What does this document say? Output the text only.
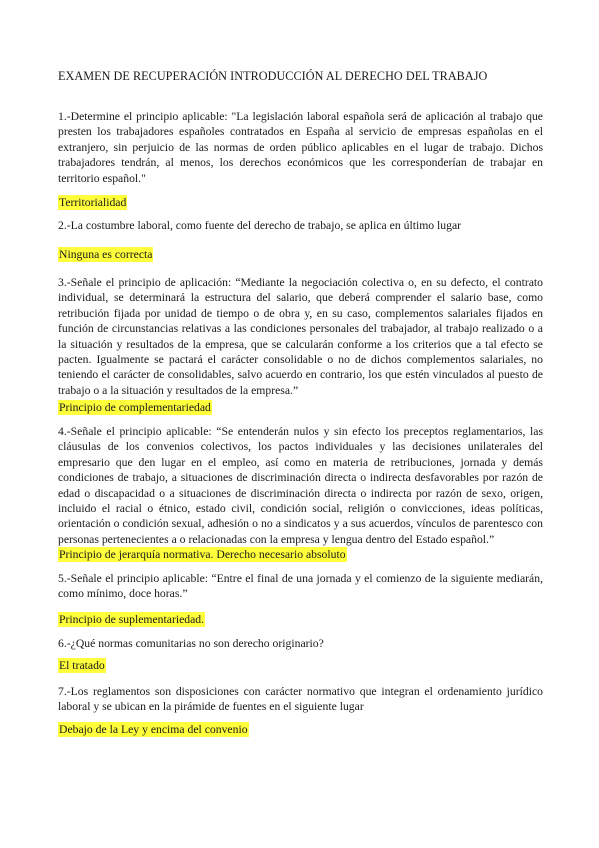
EXAMEN DE RECUPERACIÓN INTRODUCCIÓN AL DERECHO DEL TRABAJO

1.-Determine el principio aplicable: "La legislación laboral española será de aplicación al trabajo que presten los trabajadores españoles contratados en España al servicio de empresas españolas en el extranjero, sin perjuicio de las normas de orden público aplicables en el lugar de trabajo. Dichos trabajadores tendrán, al menos, los derechos económicos que les corresponderían de trabajar en territorio español."

Territorialidad

2.-La costumbre laboral, como fuente del derecho de trabajo, se aplica en último lugar

Ninguna es correcta

3.-Señale el principio de aplicación: “Mediante la negociación colectiva o, en su defecto, el contrato individual, se determinará la estructura del salario, que deberá comprender el salario base, como retribución fijada por unidad de tiempo o de obra y, en su caso, complementos salariales fijados en función de circunstancias relativas a las condiciones personales del trabajador, al trabajo realizado o a la situación y resultados de la empresa, que se calcularán conforme a los criterios que a tal efecto se pacten. Igualmente se pactará el carácter consolidable o no de dichos complementos salariales, no teniendo el carácter de consolidables, salvo acuerdo en contrario, los que estén vinculados al puesto de trabajo o a la situación y resultados de la empresa.”

Principio de complementariedad

4.-Señale el principio aplicable: “Se entenderán nulos y sin efecto los preceptos reglamentarios, las cláusulas de los convenios colectivos, los pactos individuales y las decisiones unilaterales del empresario que den lugar en el empleo, así como en materia de retribuciones, jornada y demás condiciones de trabajo, a situaciones de discriminación directa o indirecta desfavorables por razón de edad o discapacidad o a situaciones de discriminación directa o indirecta por razón de sexo, origen, incluido el racial o étnico, estado civil, condición social, religión o convicciones, ideas políticas, orientación o condición sexual, adhesión o no a sindicatos y a sus acuerdos, vínculos de parentesco con personas pertenecientes a o relacionadas con la empresa y lengua dentro del Estado español.”

Principio de jerarquía normativa. Derecho necesario absoluto

5.-Señale el principio aplicable: “Entre el final de una jornada y el comienzo de la siguiente mediarán, como mínimo, doce horas.”

Principio de suplementariedad.

6.-¿Qué normas comunitarias no son derecho originario?

El tratado

7.-Los reglamentos son disposiciones con carácter normativo que integran el ordenamiento jurídico laboral y se ubican en la pirámide de fuentes en el siguiente lugar

Debajo de la Ley y encima del convenio
